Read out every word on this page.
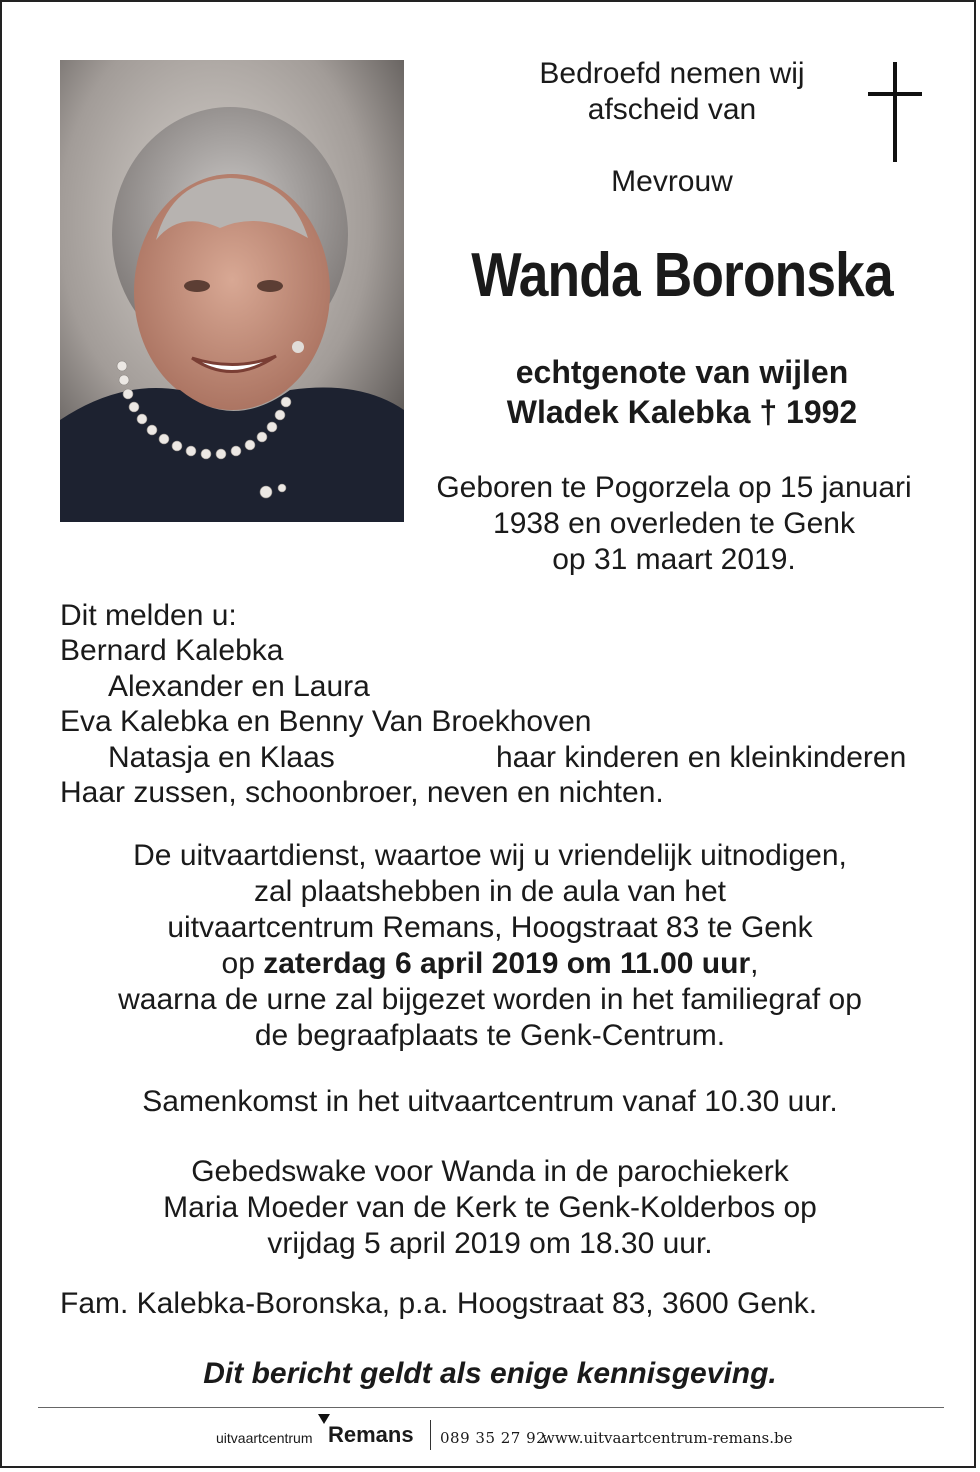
Bedroefd nemen wij
afscheid van
Mevrouw
Wanda Boronska
echtgenote van wijlen
Wladek Kalebka † 1992
Geboren te Pogorzela op 15 januari
1938 en overleden te Genk
op 31 maart 2019.
Dit melden u:
Bernard Kalebka
Alexander en Laura
Eva Kalebka en Benny Van Broekhoven
Natasja en Klaas	haar kinderen en kleinkinderen
Haar zussen, schoonbroer, neven en nichten.
De uitvaartdienst, waartoe wij u vriendelijk uitnodigen,
zal plaatshebben in de aula van het
uitvaartcentrum Remans, Hoogstraat 83 te Genk
op zaterdag 6 april 2019 om 11.00 uur,
waarna de urne zal bijgezet worden in het familiegraf op
de begraafplaats te Genk-Centrum.
Samenkomst in het uitvaartcentrum vanaf 10.30 uur.
Gebedswake voor Wanda in de parochiekerk
Maria Moeder van de Kerk te Genk-Kolderbos op
vrijdag 5 april 2019 om 18.30 uur.
Fam. Kalebka-Boronska, p.a. Hoogstraat 83, 3600 Genk.
Dit bericht geldt als enige kennisgeving.
uitvaartcentrum Remans 089 35 27 92
www.uitvaartcentrum-remans.be
